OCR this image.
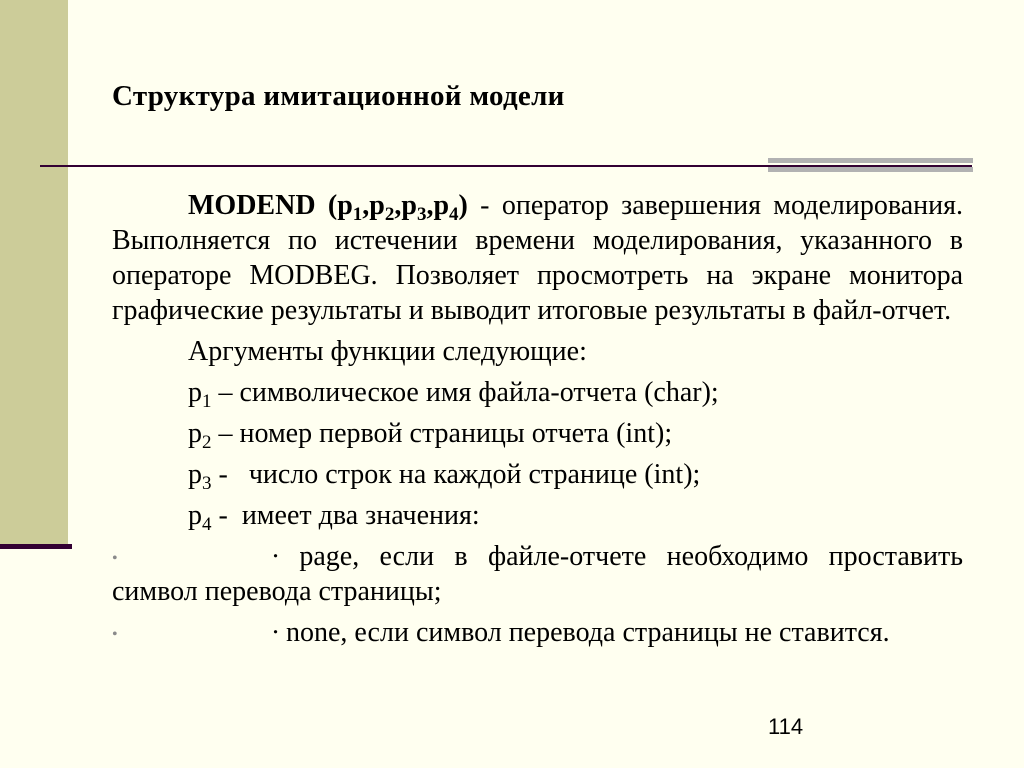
Структура имитационной модели

MODEND $(p_1,p_2,p_3,p_4)$ - оператор завершения моделирования. Выполняется по истечении времени моделирования, указанного в операторе MODBEG. Позволяет просмотреть на экране монитора графические результаты и выводит итоговые результаты в файл-отчет.

Аргументы функции следующие:

$p_1$ – символическое имя файла-отчета (char);

$p_2$ – номер первой страницы отчета (int);

$p_3$ -   число строк на каждой странице (int);

$p_4$ -  имеет два значения:

•	∙ page, если в файле-отчете необходимо проставить символ перевода страницы;

•	∙ none, если символ перевода страницы не ставится.

114
